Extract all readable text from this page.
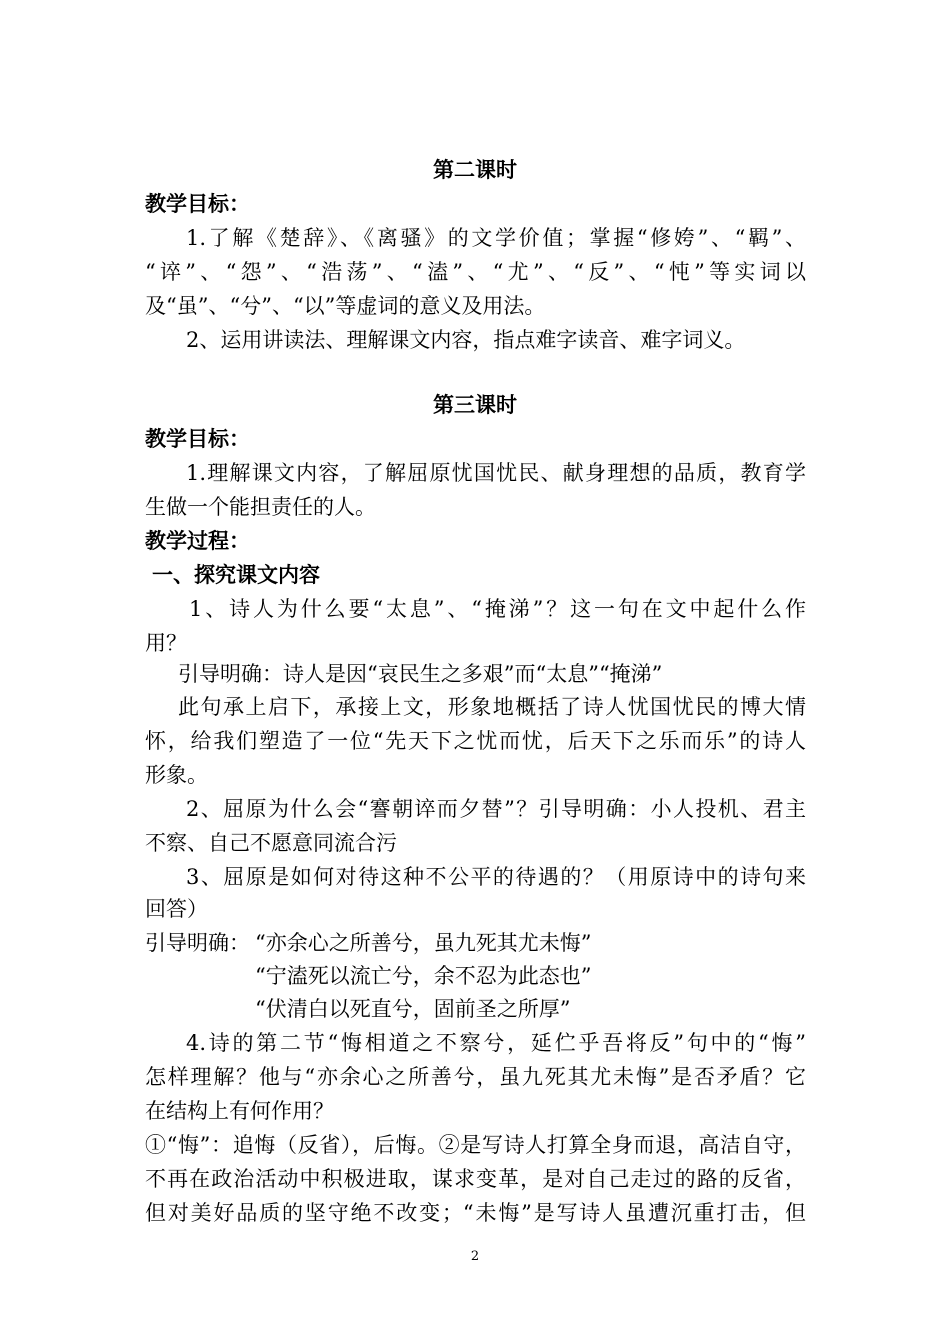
第二课时
教学目标：
1.了解《楚辞》、《离骚》的文学价值；掌握“修姱”、“羁”、
“谇”、“怨”、“浩荡”、“溘”、“尤”、“反”、“忳”等实词以
及“虽”、“兮”、“以”等虚词的意义及用法。
2、运用讲读法、理解课文内容，指点难字读音、难字词义。
第三课时
教学目标：
1.理解课文内容，了解屈原忧国忧民、献身理想的品质，教育学
生做一个能担责任的人。
教学过程：
一、探究课文内容
1、诗人为什么要“太息”、“掩涕”？这一句在文中起什么作
用？
引导明确：诗人是因“哀民生之多艰”而“太息”“掩涕”
此句承上启下，承接上文，形象地概括了诗人忧国忧民的博大情
怀，给我们塑造了一位“先天下之忧而忧，后天下之乐而乐”的诗人
形象。
2、屈原为什么会“謇朝谇而夕替”？引导明确：小人投机、君主
不察、自己不愿意同流合污
3、屈原是如何对待这种不公平的待遇的？（用原诗中的诗句来
回答）
引导明确： “亦余心之所善兮，虽九死其尤未悔”
“宁溘死以流亡兮，余不忍为此态也”
“伏清白以死直兮，固前圣之所厚”
4.诗的第二节“悔相道之不察兮，延伫乎吾将反”句中的“悔”
怎样理解？他与“亦余心之所善兮，虽九死其尤未悔”是否矛盾？它
在结构上有何作用？
①“悔”：追悔（反省），后悔。②是写诗人打算全身而退，高洁自守，
不再在政治活动中积极进取，谋求变革，是对自己走过的路的反省，
但对美好品质的坚守绝不改变；“未悔”是写诗人虽遭沉重打击，但
2
